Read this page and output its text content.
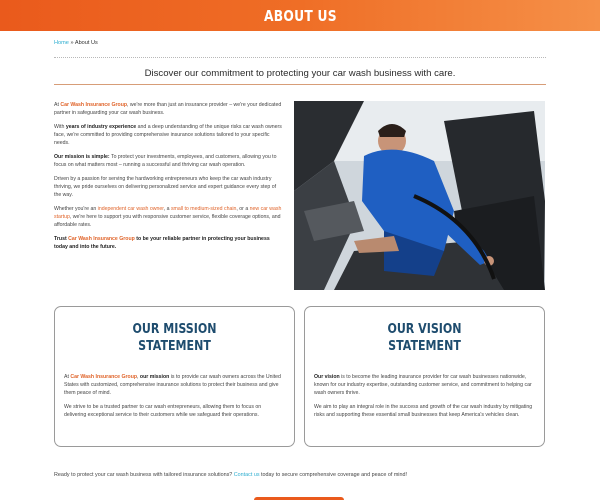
ABOUT US
Home » About Us
Discover our commitment to protecting your car wash business with care.

At Car Wash Insurance Group, we're more than just an insurance provider – we're your dedicated partner in safeguarding your car wash business.

With years of industry experience and a deep understanding of the unique risks car wash owners face, we're committed to providing comprehensive insurance solutions tailored to your specific needs.

Our mission is simple: To protect your investments, employees, and customers, allowing you to focus on what matters most – running a successful and thriving car wash operation.

Driven by a passion for serving the hardworking entrepreneurs who keep the car wash industry thriving, we pride ourselves on delivering personalized service and expert guidance every step of the way.

Whether you're an independent car wash owner, a small to medium-sized chain, or a new car wash startup, we're here to support you with responsive customer service, flexible coverage options, and affordable rates.

Trust Car Wash Insurance Group to be your reliable partner in protecting your business today and into the future.

OUR MISSION
STATEMENT

At Car Wash Insurance Group, our mission is to provide car wash owners across the United States with customized, comprehensive insurance solutions to protect their business and give them peace of mind.

We strive to be a trusted partner to car wash entrepreneurs, allowing them to focus on delivering exceptional service to their customers while we safeguard their operations.

OUR VISION
STATEMENT

Our vision is to become the leading insurance provider for car wash businesses nationwide, known for our industry expertise, outstanding customer service, and commitment to helping car wash owners thrive.

We aim to play an integral role in the success and growth of the car wash industry by mitigating risks and supporting these essential small businesses that keep America's vehicles clean.

Ready to protect your car wash business with tailored insurance solutions? Contact us today to secure comprehensive coverage and peace of mind!
